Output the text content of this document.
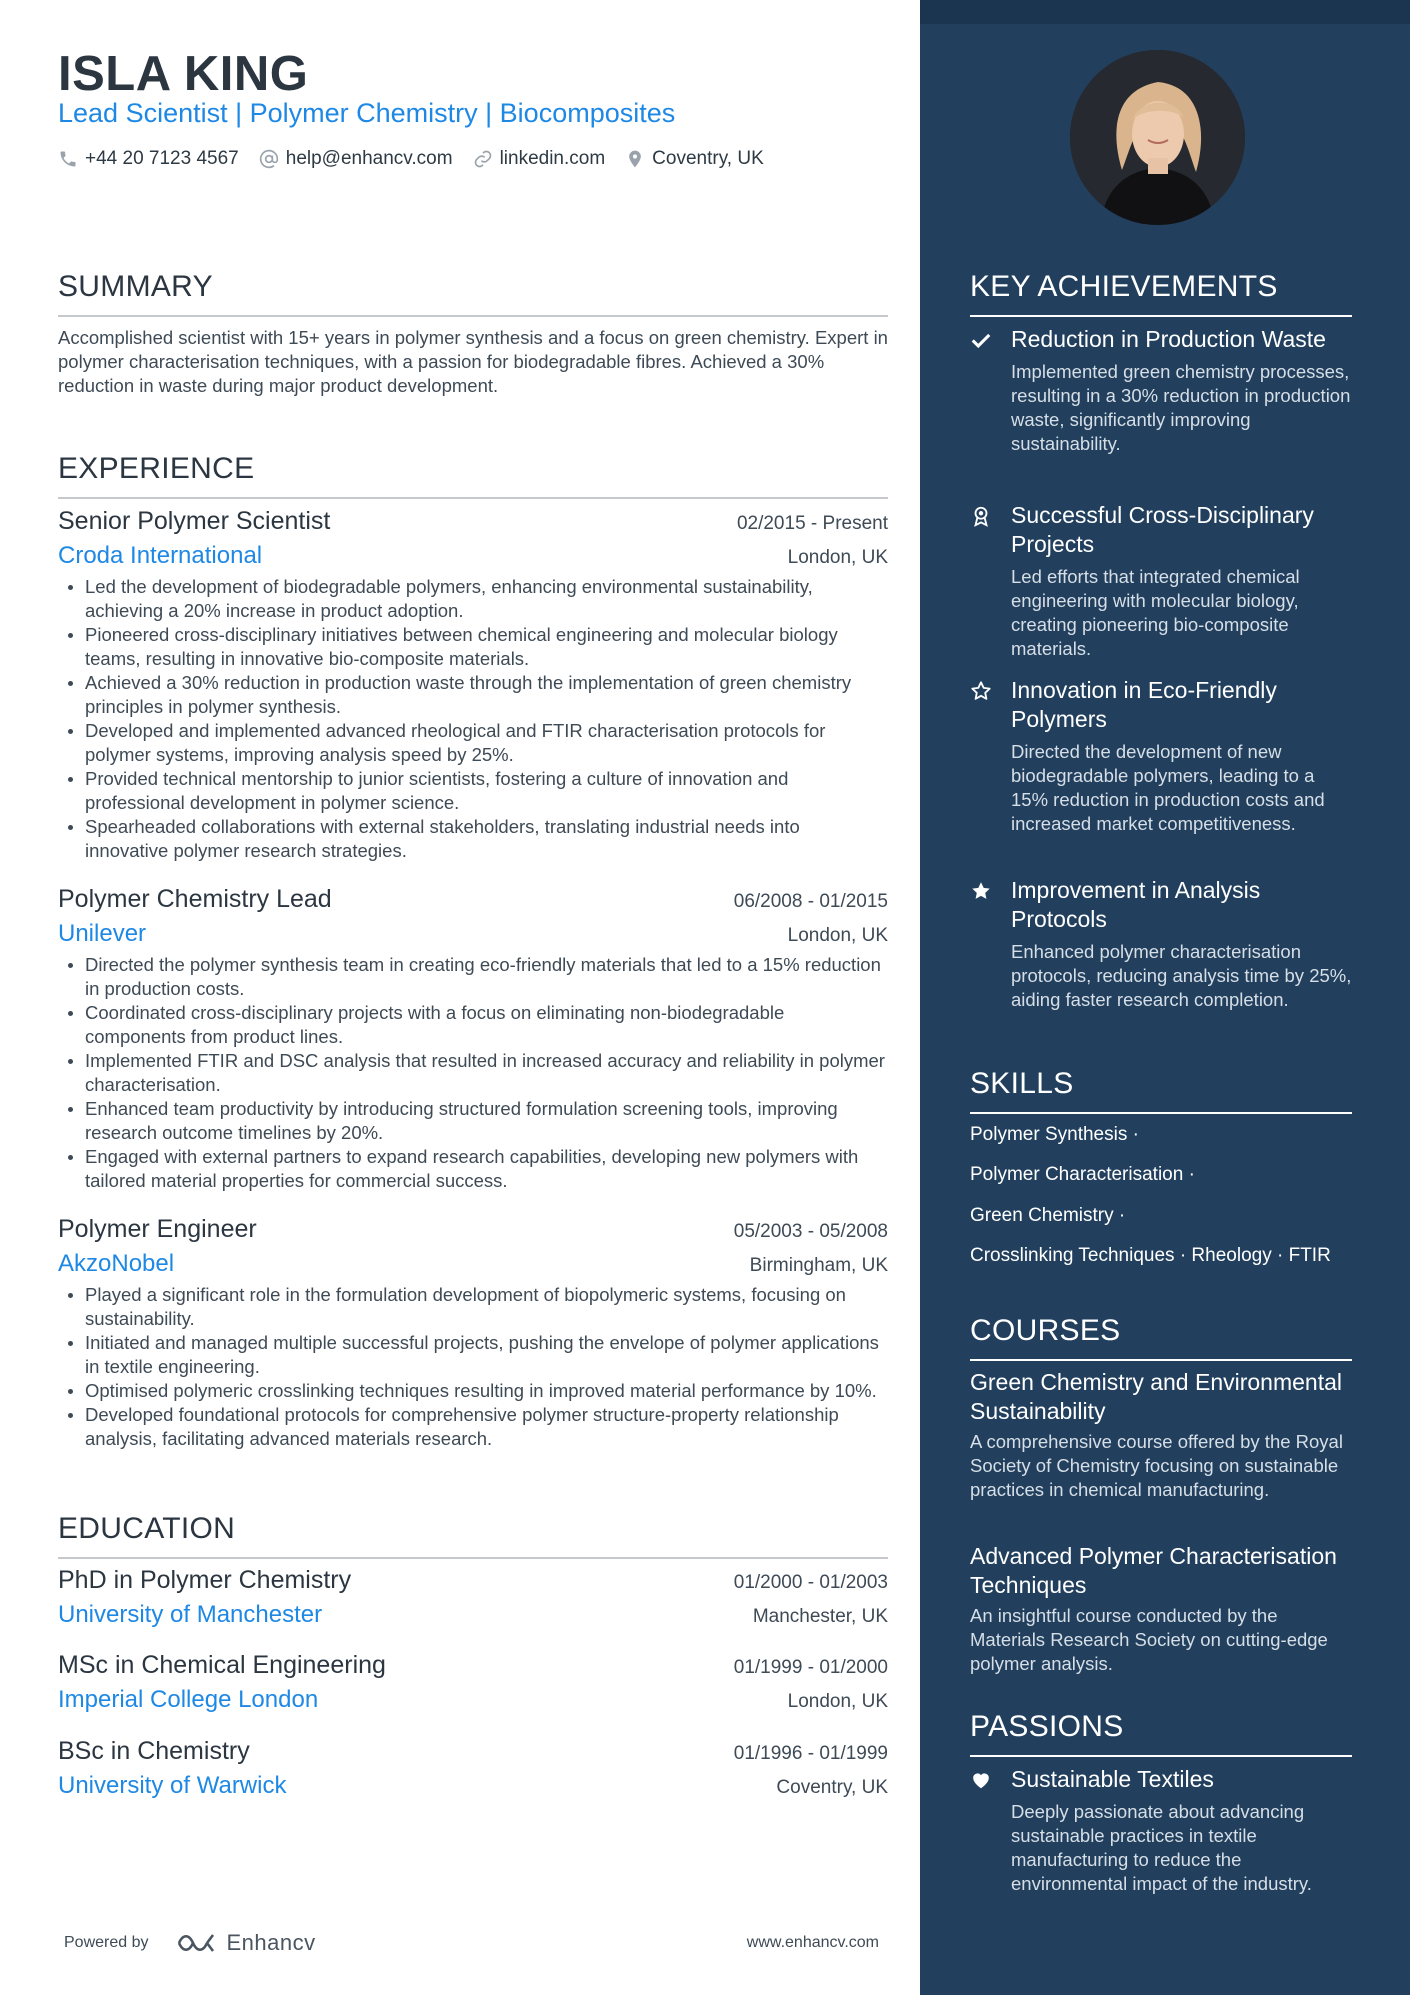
ISLA KING
Lead Scientist | Polymer Chemistry | Biocomposites
+44 20 7123 4567 help@enhancv.com linkedin.com Coventry, UK
SUMMARY
Accomplished scientist with 15+ years in polymer synthesis and a focus on green chemistry. Expert in polymer characterisation techniques, with a passion for biodegradable fibres. Achieved a 30% reduction in waste during major product development.
EXPERIENCE
Senior Polymer Scientist	02/2015 - Present
Croda International	London, UK
Led the development of biodegradable polymers, enhancing environmental sustainability, achieving a 20% increase in product adoption.
Pioneered cross-disciplinary initiatives between chemical engineering and molecular biology teams, resulting in innovative bio-composite materials.
Achieved a 30% reduction in production waste through the implementation of green chemistry principles in polymer synthesis.
Developed and implemented advanced rheological and FTIR characterisation protocols for polymer systems, improving analysis speed by 25%.
Provided technical mentorship to junior scientists, fostering a culture of innovation and professional development in polymer science.
Spearheaded collaborations with external stakeholders, translating industrial needs into innovative polymer research strategies.
Polymer Chemistry Lead	06/2008 - 01/2015
Unilever	London, UK
Directed the polymer synthesis team in creating eco-friendly materials that led to a 15% reduction in production costs.
Coordinated cross-disciplinary projects with a focus on eliminating non-biodegradable components from product lines.
Implemented FTIR and DSC analysis that resulted in increased accuracy and reliability in polymer characterisation.
Enhanced team productivity by introducing structured formulation screening tools, improving research outcome timelines by 20%.
Engaged with external partners to expand research capabilities, developing new polymers with tailored material properties for commercial success.
Polymer Engineer	05/2003 - 05/2008
AkzoNobel	Birmingham, UK
Played a significant role in the formulation development of biopolymeric systems, focusing on sustainability.
Initiated and managed multiple successful projects, pushing the envelope of polymer applications in textile engineering.
Optimised polymeric crosslinking techniques resulting in improved material performance by 10%.
Developed foundational protocols for comprehensive polymer structure-property relationship analysis, facilitating advanced materials research.
EDUCATION
PhD in Polymer Chemistry	01/2000 - 01/2003
University of Manchester	Manchester, UK
MSc in Chemical Engineering	01/1999 - 01/2000
Imperial College London	London, UK
BSc in Chemistry	01/1996 - 01/1999
University of Warwick	Coventry, UK
Powered by	Enhancv	www.enhancv.com
KEY ACHIEVEMENTS
Reduction in Production Waste
Implemented green chemistry processes, resulting in a 30% reduction in production waste, significantly improving sustainability.
Successful Cross-Disciplinary Projects
Led efforts that integrated chemical engineering with molecular biology, creating pioneering bio-composite materials.
Innovation in Eco-Friendly Polymers
Directed the development of new biodegradable polymers, leading to a 15% reduction in production costs and increased market competitiveness.
Improvement in Analysis Protocols
Enhanced polymer characterisation protocols, reducing analysis time by 25%, aiding faster research completion.
SKILLS
Polymer Synthesis ·
Polymer Characterisation ·
Green Chemistry ·
Crosslinking Techniques · Rheology · FTIR
COURSES
Green Chemistry and Environmental Sustainability
A comprehensive course offered by the Royal Society of Chemistry focusing on sustainable practices in chemical manufacturing.
Advanced Polymer Characterisation Techniques
An insightful course conducted by the Materials Research Society on cutting-edge polymer analysis.
PASSIONS
Sustainable Textiles
Deeply passionate about advancing sustainable practices in textile manufacturing to reduce the environmental impact of the industry.
